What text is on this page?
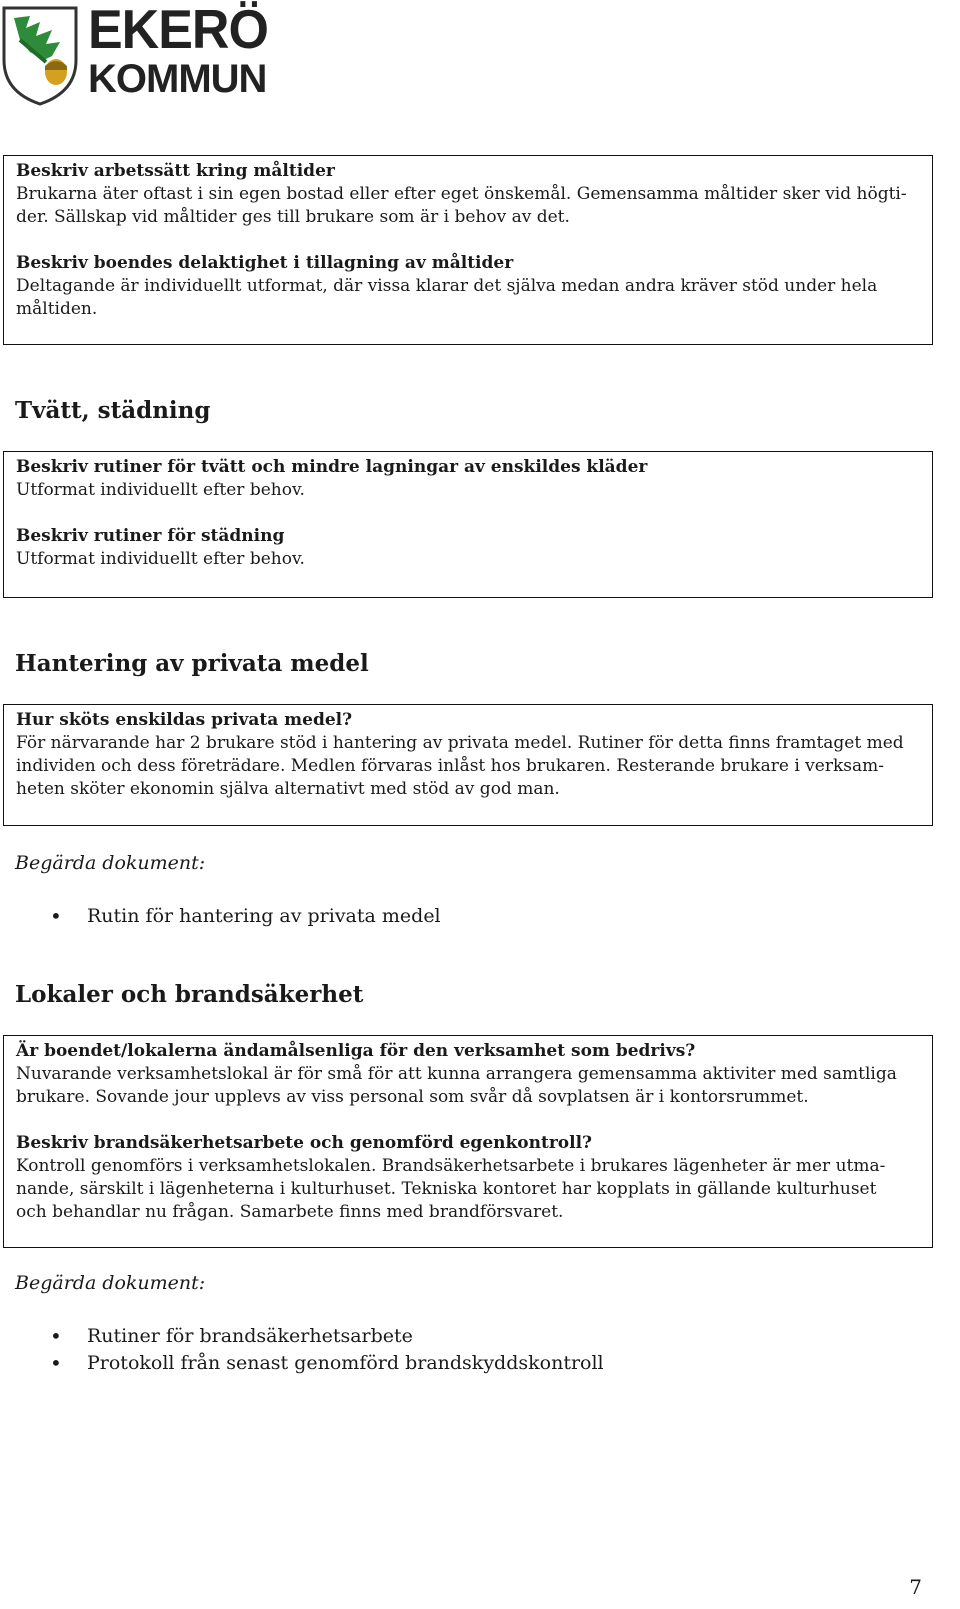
EKERÖ
KOMMUN

Beskriv arbetssätt kring måltider

Brukarna äter oftast i sin egen bostad eller efter eget önskemål. Gemensamma måltider sker vid högti-

der. Sällskap vid måltider ges till brukare som är i behov av det.

Beskriv boendes delaktighet i tillagning av måltider

Deltagande är individuellt utformat, där vissa klarar det själva medan andra kräver stöd under hela

måltiden.

Tvätt, städning

Beskriv rutiner för tvätt och mindre lagningar av enskildes kläder

Utformat individuellt efter behov.

Beskriv rutiner för städning

Utformat individuellt efter behov.

Hantering av privata medel

Hur sköts enskildas privata medel?

För närvarande har 2 brukare stöd i hantering av privata medel. Rutiner för detta finns framtaget med

individen och dess företrädare. Medlen förvaras inlåst hos brukaren. Resterande brukare i verksam-

heten sköter ekonomin själva alternativt med stöd av god man.

Begärda dokument:

• Rutin för hantering av privata medel
Lokaler och brandsäkerhet

Är boendet/lokalerna ändamålsenliga för den verksamhet som bedrivs?

Nuvarande verksamhetslokal är för små för att kunna arrangera gemensamma aktiviter med samtliga

brukare. Sovande jour upplevs av viss personal som svår då sovplatsen är i kontorsrummet.

Beskriv brandsäkerhetsarbete och genomförd egenkontroll?

Kontroll genomförs i verksamhetslokalen. Brandsäkerhetsarbete i brukares lägenheter är mer utma-

nande, särskilt i lägenheterna i kulturhuset. Tekniska kontoret har kopplats in gällande kulturhuset

och behandlar nu frågan. Samarbete finns med brandförsvaret.

Begärda dokument:

• Rutiner för brandsäkerhetsarbete
• Protokoll från senast genomförd brandskyddskontroll
7
